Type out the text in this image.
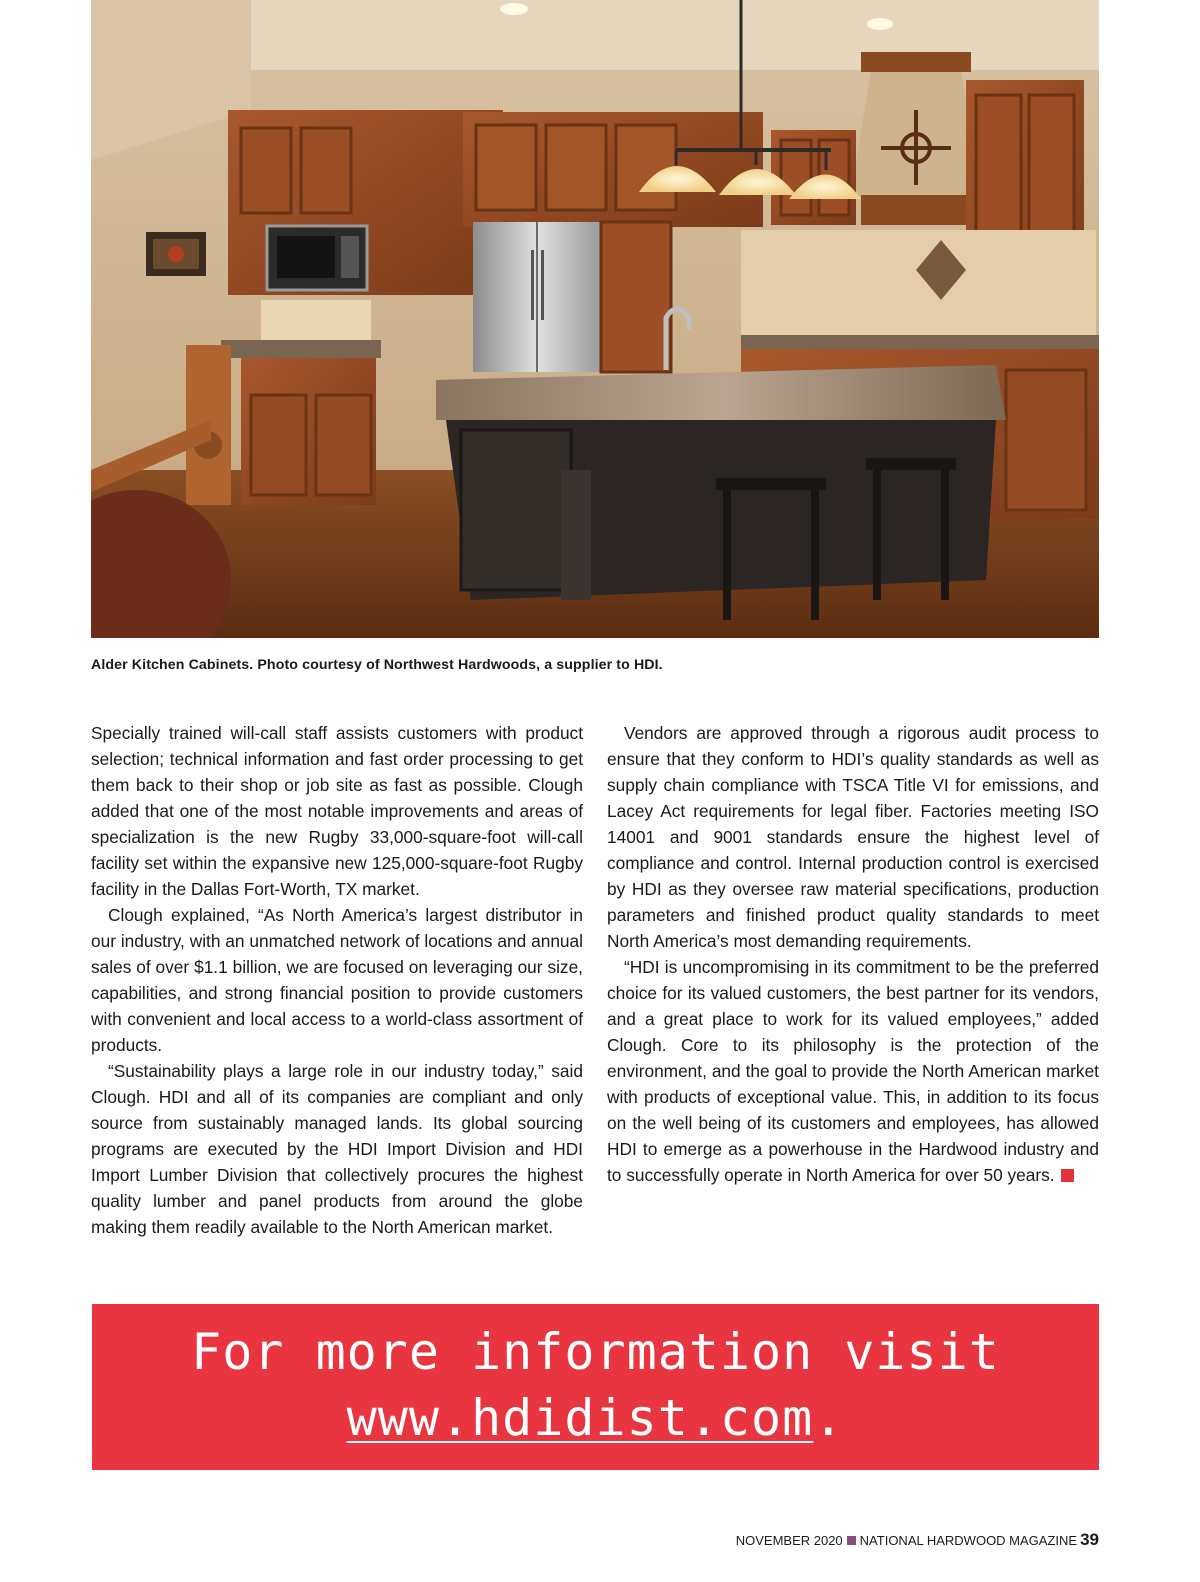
Alder Kitchen Cabinets. Photo courtesy of Northwest Hardwoods, a supplier to HDI.

Specially trained will-call staff assists customers with product selection; technical information and fast order processing to get them back to their shop or job site as fast as possible. Clough added that one of the most notable improvements and areas of specialization is the new Rugby 33,000-square-foot will-call facility set within the expansive new 125,000-square-foot Rugby facility in the Dallas Fort-Worth, TX market.

Clough explained, “As North America’s largest distributor in our industry, with an unmatched network of locations and annual sales of over $1.1 billion, we are focused on leveraging our size, capabilities, and strong financial position to provide customers with convenient and local access to a world-class assortment of products.

“Sustainability plays a large role in our industry today,” said Clough. HDI and all of its companies are compliant and only source from sustainably managed lands. Its global sourcing programs are executed by the HDI Import Division and HDI Import Lumber Division that collectively procures the highest quality lumber and panel products from around the globe making them readily available to the North American market.

Vendors are approved through a rigorous audit process to ensure that they conform to HDI’s quality standards as well as supply chain compliance with TSCA Title VI for emissions, and Lacey Act requirements for legal fiber. Factories meeting ISO 14001 and 9001 standards ensure the highest level of compliance and control. Internal production control is exercised by HDI as they oversee raw material specifications, production parameters and finished product quality standards to meet North America’s most demanding requirements.

“HDI is uncompromising in its commitment to be the preferred choice for its valued customers, the best partner for its vendors, and a great place to work for its valued employees,” added Clough. Core to its philosophy is the protection of the environment, and the goal to provide the North American market with products of exceptional value. This, in addition to its focus on the well being of its customers and employees, has allowed HDI to emerge as a powerhouse in the Hardwood industry and to successfully operate in North America for over 50 years.

For more information visit
www.hdidist.com.
NOVEMBER 2020 NATIONAL HARDWOOD MAGAZINE 39
